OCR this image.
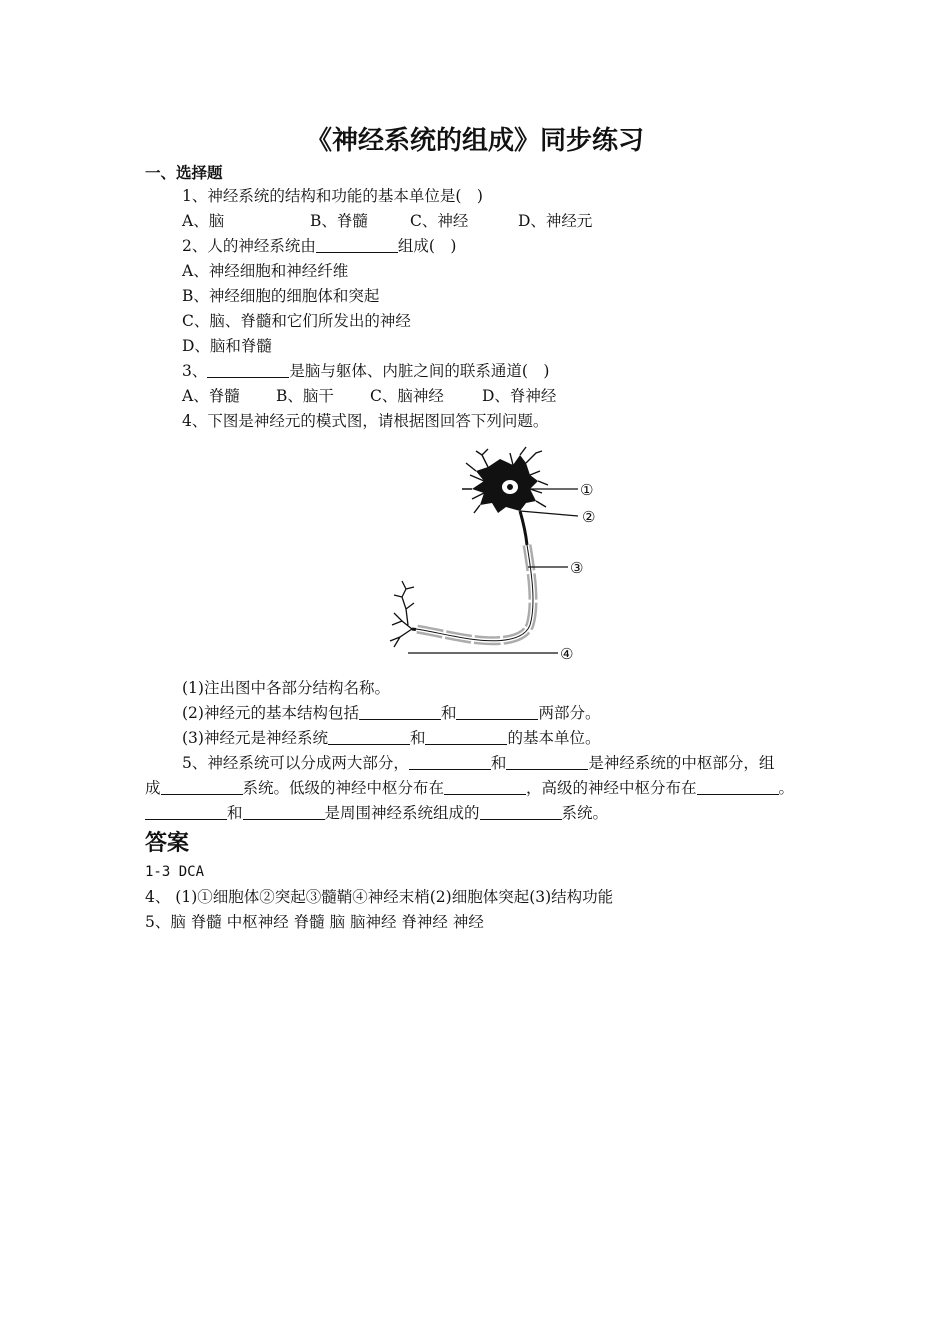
《神经系统的组成》同步练习
一、选择题
1、神经系统的结构和功能的基本单位是(　)
A、脑	B、脊髓	C、神经	D、神经元
2、人的神经系统由	组成(　)
A、神经细胞和神经纤维
B、神经细胞的细胞体和突起
C、脑、脊髓和它们所发出的神经
D、脑和脊髓
3、	是脑与躯体、内脏之间的联系通道(　)
A、脊髓 B、脑干 C、脑神经 D、脊神经
4、下图是神经元的模式图，请根据图回答下列问题。
①
②
③
④
(1)注出图中各部分结构名称。
(2)神经元的基本结构包括	和	两部分。
(3)神经元是神经系统	和	的基本单位。
5、神经系统可以分成两大部分，	和	是神经系统的中枢部分，组
成	系统。低级的神经中枢分布在	，高级的神经中枢分布在	。
和	是周围神经系统组成的	系统。
答案
1-3 DCA
4、 (1)①细胞体②突起③髓鞘④神经末梢(2)细胞体突起(3)结构功能
5、脑 脊髓 中枢神经 脊髓 脑 脑神经 脊神经 神经
